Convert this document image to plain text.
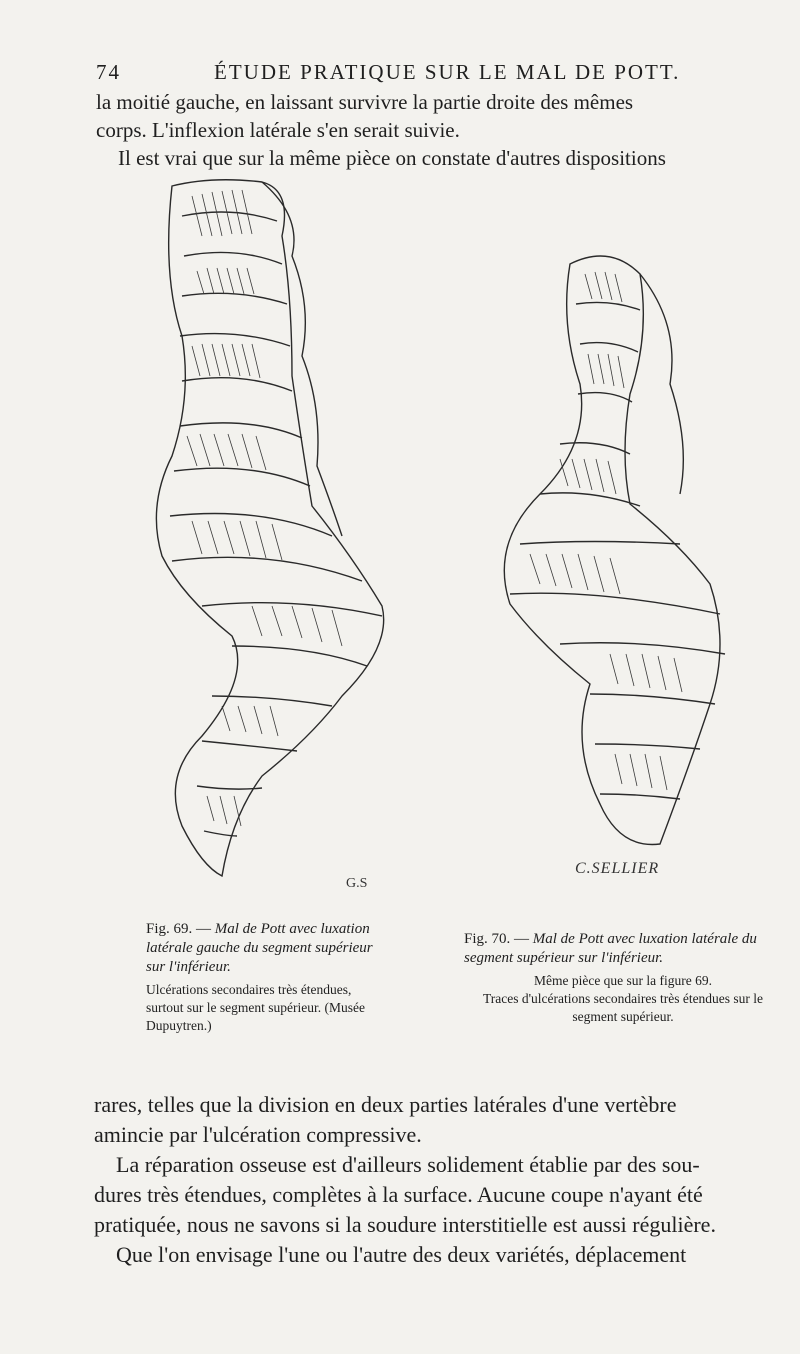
74	ÉTUDE PRATIQUE SUR LE MAL DE POTT.
la moitié gauche, en laissant survivre la partie droite des mêmes
corps. L'inflexion latérale s'en serait suivie.
Il est vrai que sur la même pièce on constate d'autres dispositions
G.S
C.SELLIER
Fig. 69. — Mal de Pott avec luxation latérale gauche du segment supérieur sur l'inférieur.
Ulcérations secondaires très étendues, surtout sur le segment supérieur. (Musée Dupuytren.)
Fig. 70. — Mal de Pott avec luxation latérale du segment supérieur sur l'inférieur.
Même pièce que sur la figure 69.
Traces d'ulcérations secondaires très étendues sur le segment supérieur.
rares, telles que la division en deux parties latérales d'une vertèbre
amincie par l'ulcération compressive.
La réparation osseuse est d'ailleurs solidement établie par des sou-
dures très étendues, complètes à la surface. Aucune coupe n'ayant été
pratiquée, nous ne savons si la soudure interstitielle est aussi régulière.
Que l'on envisage l'une ou l'autre des deux variétés, déplacement
